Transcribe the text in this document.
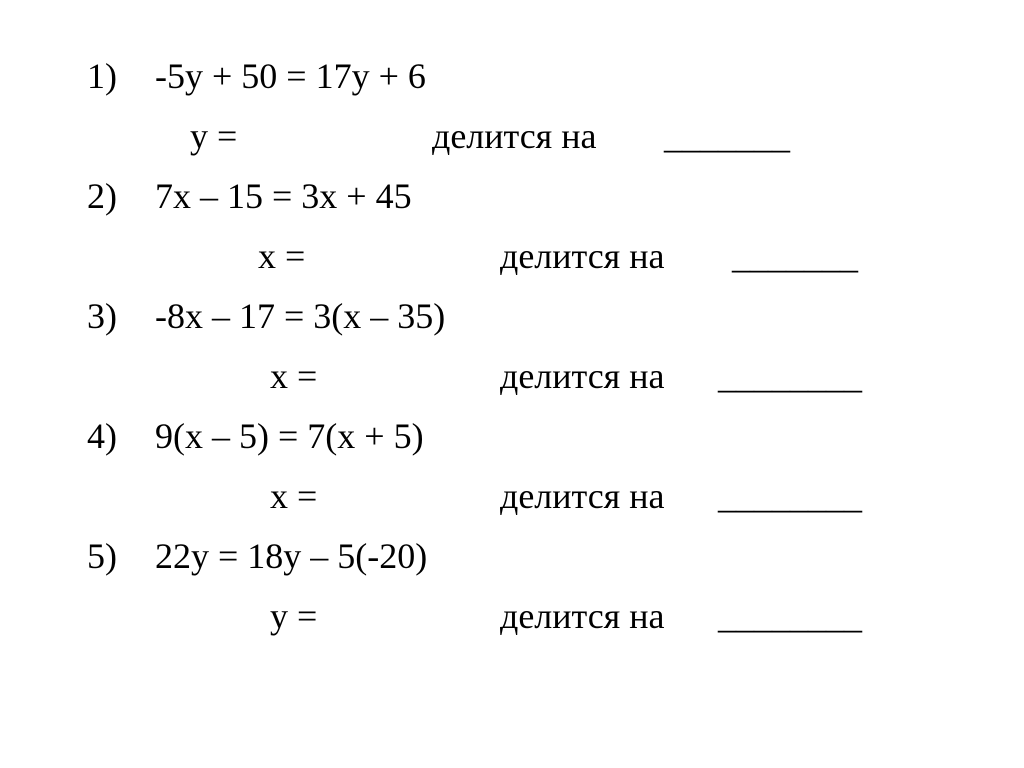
1) -5y + 50 = 17y + 6
y =	делится на _______
2) 7x – 15 = 3x + 45
x =	делится на _______
3) -8x – 17 = 3(x – 35)
x =	делится на ________
4) 9(x – 5) = 7(x + 5)
x =	делится на ________
5) 22y = 18y – 5(-20)
y =	делится на ________
